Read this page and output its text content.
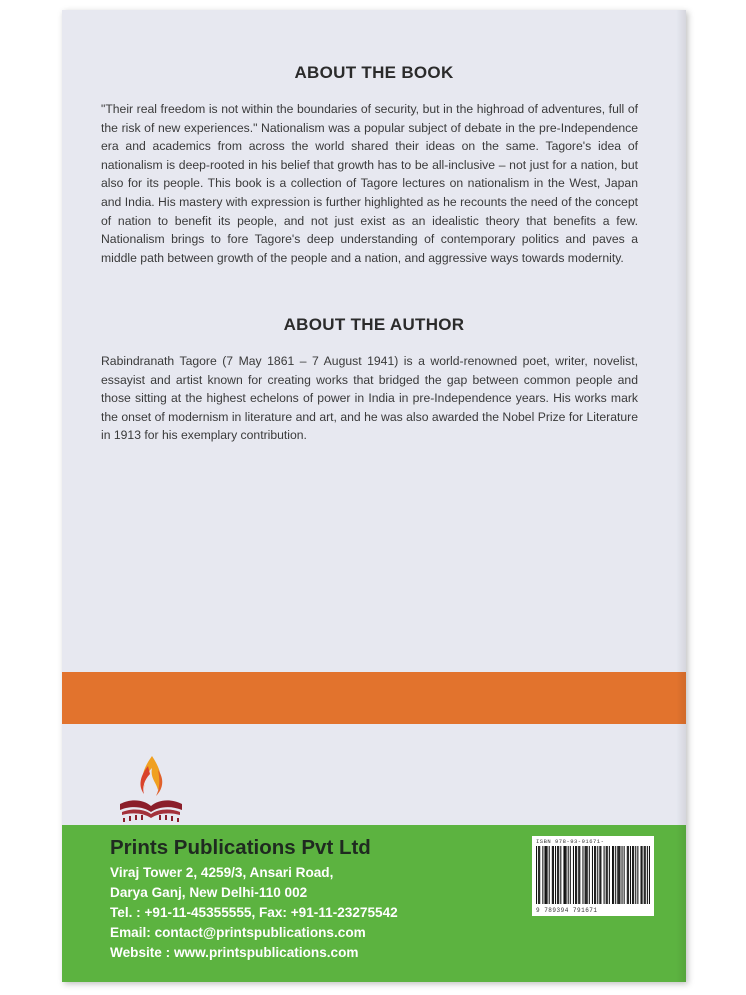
ABOUT THE BOOK

"Their real freedom is not within the boundaries of security, but in the highroad of adventures, full of the risk of new experiences." Nationalism was a popular subject of debate in the pre-Independence era and academics from across the world shared their ideas on the same. Tagore's idea of nationalism is deep-rooted in his belief that growth has to be all-inclusive – not just for a nation, but also for its people. This book is a collection of Tagore lectures on nationalism in the West, Japan and India. His mastery with expression is further highlighted as he recounts the need of the concept of nation to benefit its people, and not just exist as an idealistic theory that benefits a few. Nationalism brings to fore Tagore's deep understanding of contemporary politics and paves a middle path between growth of the people and a nation, and aggressive ways towards modernity.

ABOUT THE AUTHOR

Rabindranath Tagore (7 May 1861 – 7 August 1941) is a world-renowned poet, writer, novelist, essayist and artist known for creating works that bridged the gap between common people and those sitting at the highest echelons of power in India in pre-Independence years. His works mark the onset of modernism in literature and art, and he was also awarded the Nobel Prize for Literature in 1913 for his exemplary contribution.

Prints Publications Pvt Ltd

Viraj Tower 2, 4259/3, Ansari Road,

Darya Ganj, New Delhi-110 002

Tel. : +91-11-45355555, Fax: +91-11-23275542

Email: contact@printspublications.com

Website : www.printspublications.com

ISBN 978-93-91671-
9 789394 791671
